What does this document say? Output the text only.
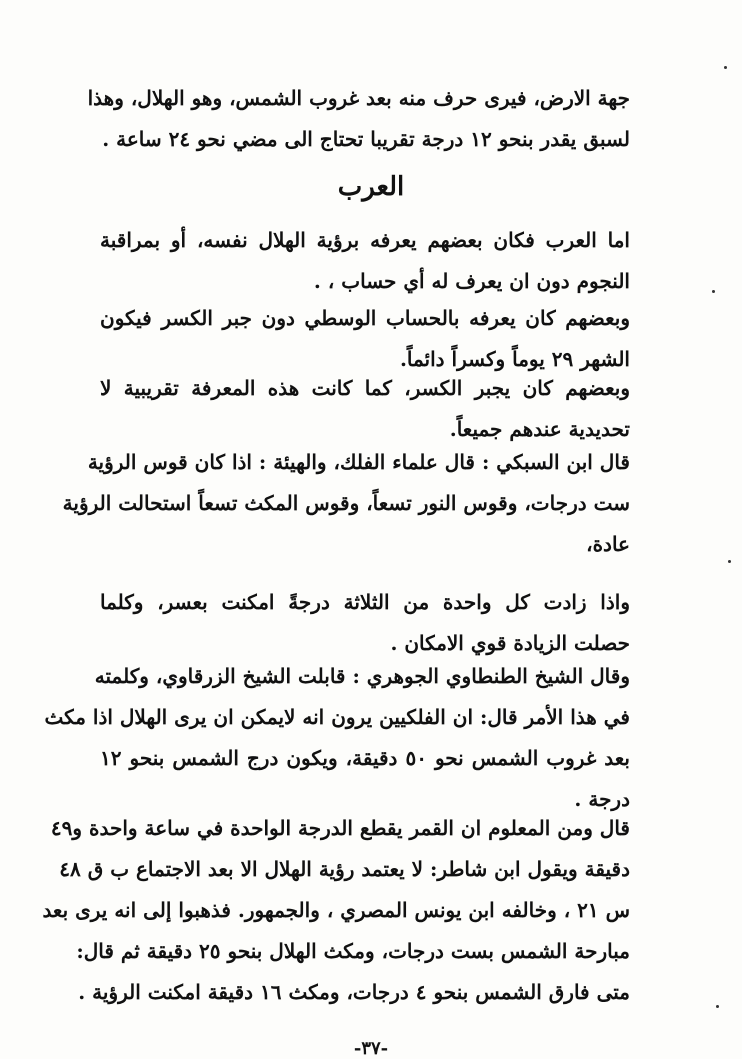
جهة الارض، فيرى حرف منه بعد غروب الشمس، وهو الهلال، وهذا
لسبق يقدر بنحو ١٢ درجة تقريبا تحتاج الى مضي نحو ٢٤ ساعة .
العرب
اما العرب فكان بعضهم يعرفه برؤية الهلال نفسه، أو بمراقبة
النجوم دون ان يعرف له أي حساب ، .
وبعضهم كان يعرفه بالحساب الوسطي دون جبر الكسر فيكون
الشهر ٢٩ يوماً وكسراً دائماً.
وبعضهم كان يجبر الكسر، كما كانت هذه المعرفة تقريبية لا
تحديدية عندهم جميعاً.
قال ابن السبكي : قال علماء الفلك، والهيئة : اذا كان قوس الرؤية
ست درجات، وقوس النور تسعاً، وقوس المكث تسعاً استحالت الرؤية
عادة،
واذا زادت كل واحدة من الثلاثة درجةً امكنت بعسر، وكلما
حصلت الزيادة قوي الامكان .
وقال الشيخ الطنطاوي الجوهري : قابلت الشيخ الزرقاوي، وكلمته
في هذا الأمر قال: ان الفلكيين يرون انه لايمكن ان يرى الهلال اذا مكث
بعد غروب الشمس نحو ٥٠ دقيقة، ويكون درج الشمس بنحو ١٢
درجة .
قال ومن المعلوم ان القمر يقطع الدرجة الواحدة في ساعة واحدة و٤٩
دقيقة ويقول ابن شاطر: لا يعتمد رؤية الهلال الا بعد الاجتماع ب ق ٤٨
س ٢١ ، وخالفه ابن يونس المصري ، والجمهور. فذهبوا إلى انه يرى بعد
مبارحة الشمس بست درجات، ومكث الهلال بنحو ٢٥ دقيقة ثم قال:
متى فارق الشمس بنحو ٤ درجات، ومكث ١٦ دقيقة امكنت الرؤية .
-٣٧-
